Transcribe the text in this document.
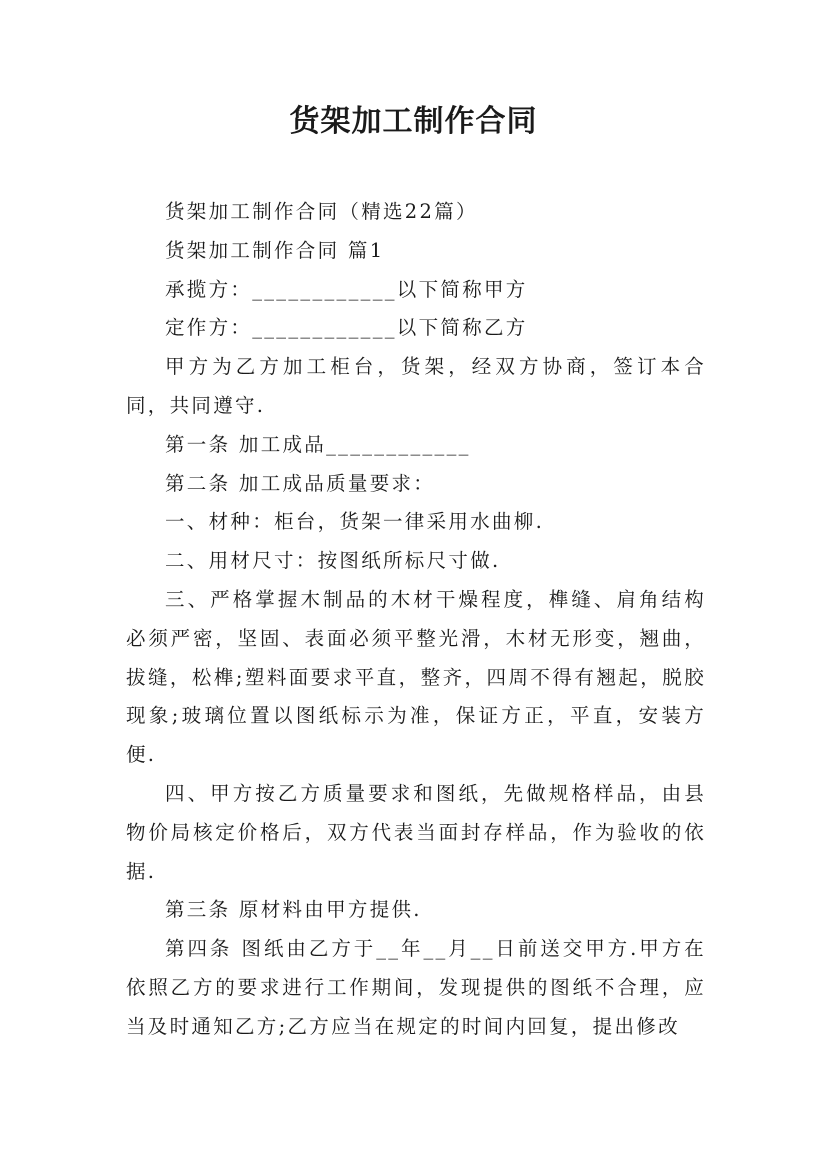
货架加工制作合同

货架加工制作合同（精选22篇）

货架加工制作合同 篇1

承揽方：____________以下简称甲方

定作方：____________以下简称乙方

甲方为乙方加工柜台，货架，经双方协商，签订本合同，共同遵守.

第一条 加工成品____________

第二条 加工成品质量要求：

一、材种：柜台，货架一律采用水曲柳.

二、用材尺寸：按图纸所标尺寸做.

三、严格掌握木制品的木材干燥程度，榫缝、肩角结构必须严密，坚固、表面必须平整光滑，木材无形变，翘曲，拔缝，松榫;塑料面要求平直，整齐，四周不得有翘起，脱胶现象;玻璃位置以图纸标示为准，保证方正，平直，安装方便.

四、甲方按乙方质量要求和图纸，先做规格样品，由县物价局核定价格后，双方代表当面封存样品，作为验收的依据.

第三条 原材料由甲方提供.

第四条 图纸由乙方于__年__月__日前送交甲方.甲方在依照乙方的要求进行工作期间，发现提供的图纸不合理，应当及时通知乙方;乙方应当在规定的时间内回复，提出修改
